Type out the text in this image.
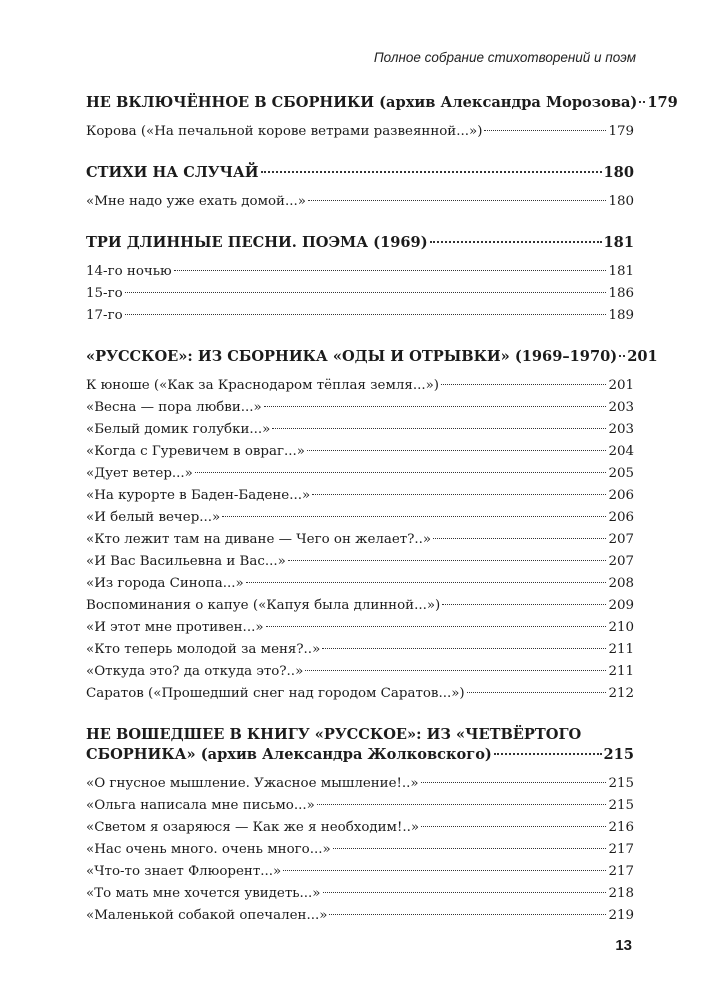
Полное собрание стихотворений и поэм
НЕ ВКЛЮЧЁННОЕ В СБОРНИКИ (архив Александра Морозова) 179
Корова («На печальной корове ветрами развеянной...»)	179
СТИХИ НА СЛУЧАЙ	180
«Мне надо уже ехать домой...»	180
ТРИ ДЛИННЫЕ ПЕСНИ. ПОЭМА (1969)	181
14-го ночью	181
15-го	186
17-го	189
«РУССКОЕ»: ИЗ СБОРНИКА «ОДЫ И ОТРЫВКИ» (1969–1970) 201
К юноше («Как за Краснодаром тёплая земля...»)	201
«Весна — пора любви...»	203
«Белый домик голубки...»	203
«Когда с Гуревичем в овраг...»	204
«Дует ветер...»	205
«На курорте в Баден-Бадене...»	206
«И белый вечер...»	206
«Кто лежит там на диване — Чего он желает?..»	207
«И Вас Васильевна и Вас...»	207
«Из города Синопа...»	208
Воспоминания о капуе («Капуя была длинной...»)	209
«И этот мне противен...»	210
«Кто теперь молодой за меня?..»	211
«Откуда это? да откуда это?..»	211
Саратов («Прошедший снег над городом Саратов...»)	212
НЕ ВОШЕДШЕЕ В КНИГУ «РУССКОЕ»: ИЗ «ЧЕТВЁРТОГО
СБОРНИКА» (архив Александра Жолковского)	215
«О гнусное мышление. Ужасное мышление!..»	215
«Ольга написала мне письмо...»	215
«Светом я озаряюся — Как же я необходим!..»	216
«Нас очень много. очень много...»	217
«Что-то знает Флюорент...»	217
«То мать мне хочется увидеть...»	218
«Маленькой собакой опечален...»	219
13
